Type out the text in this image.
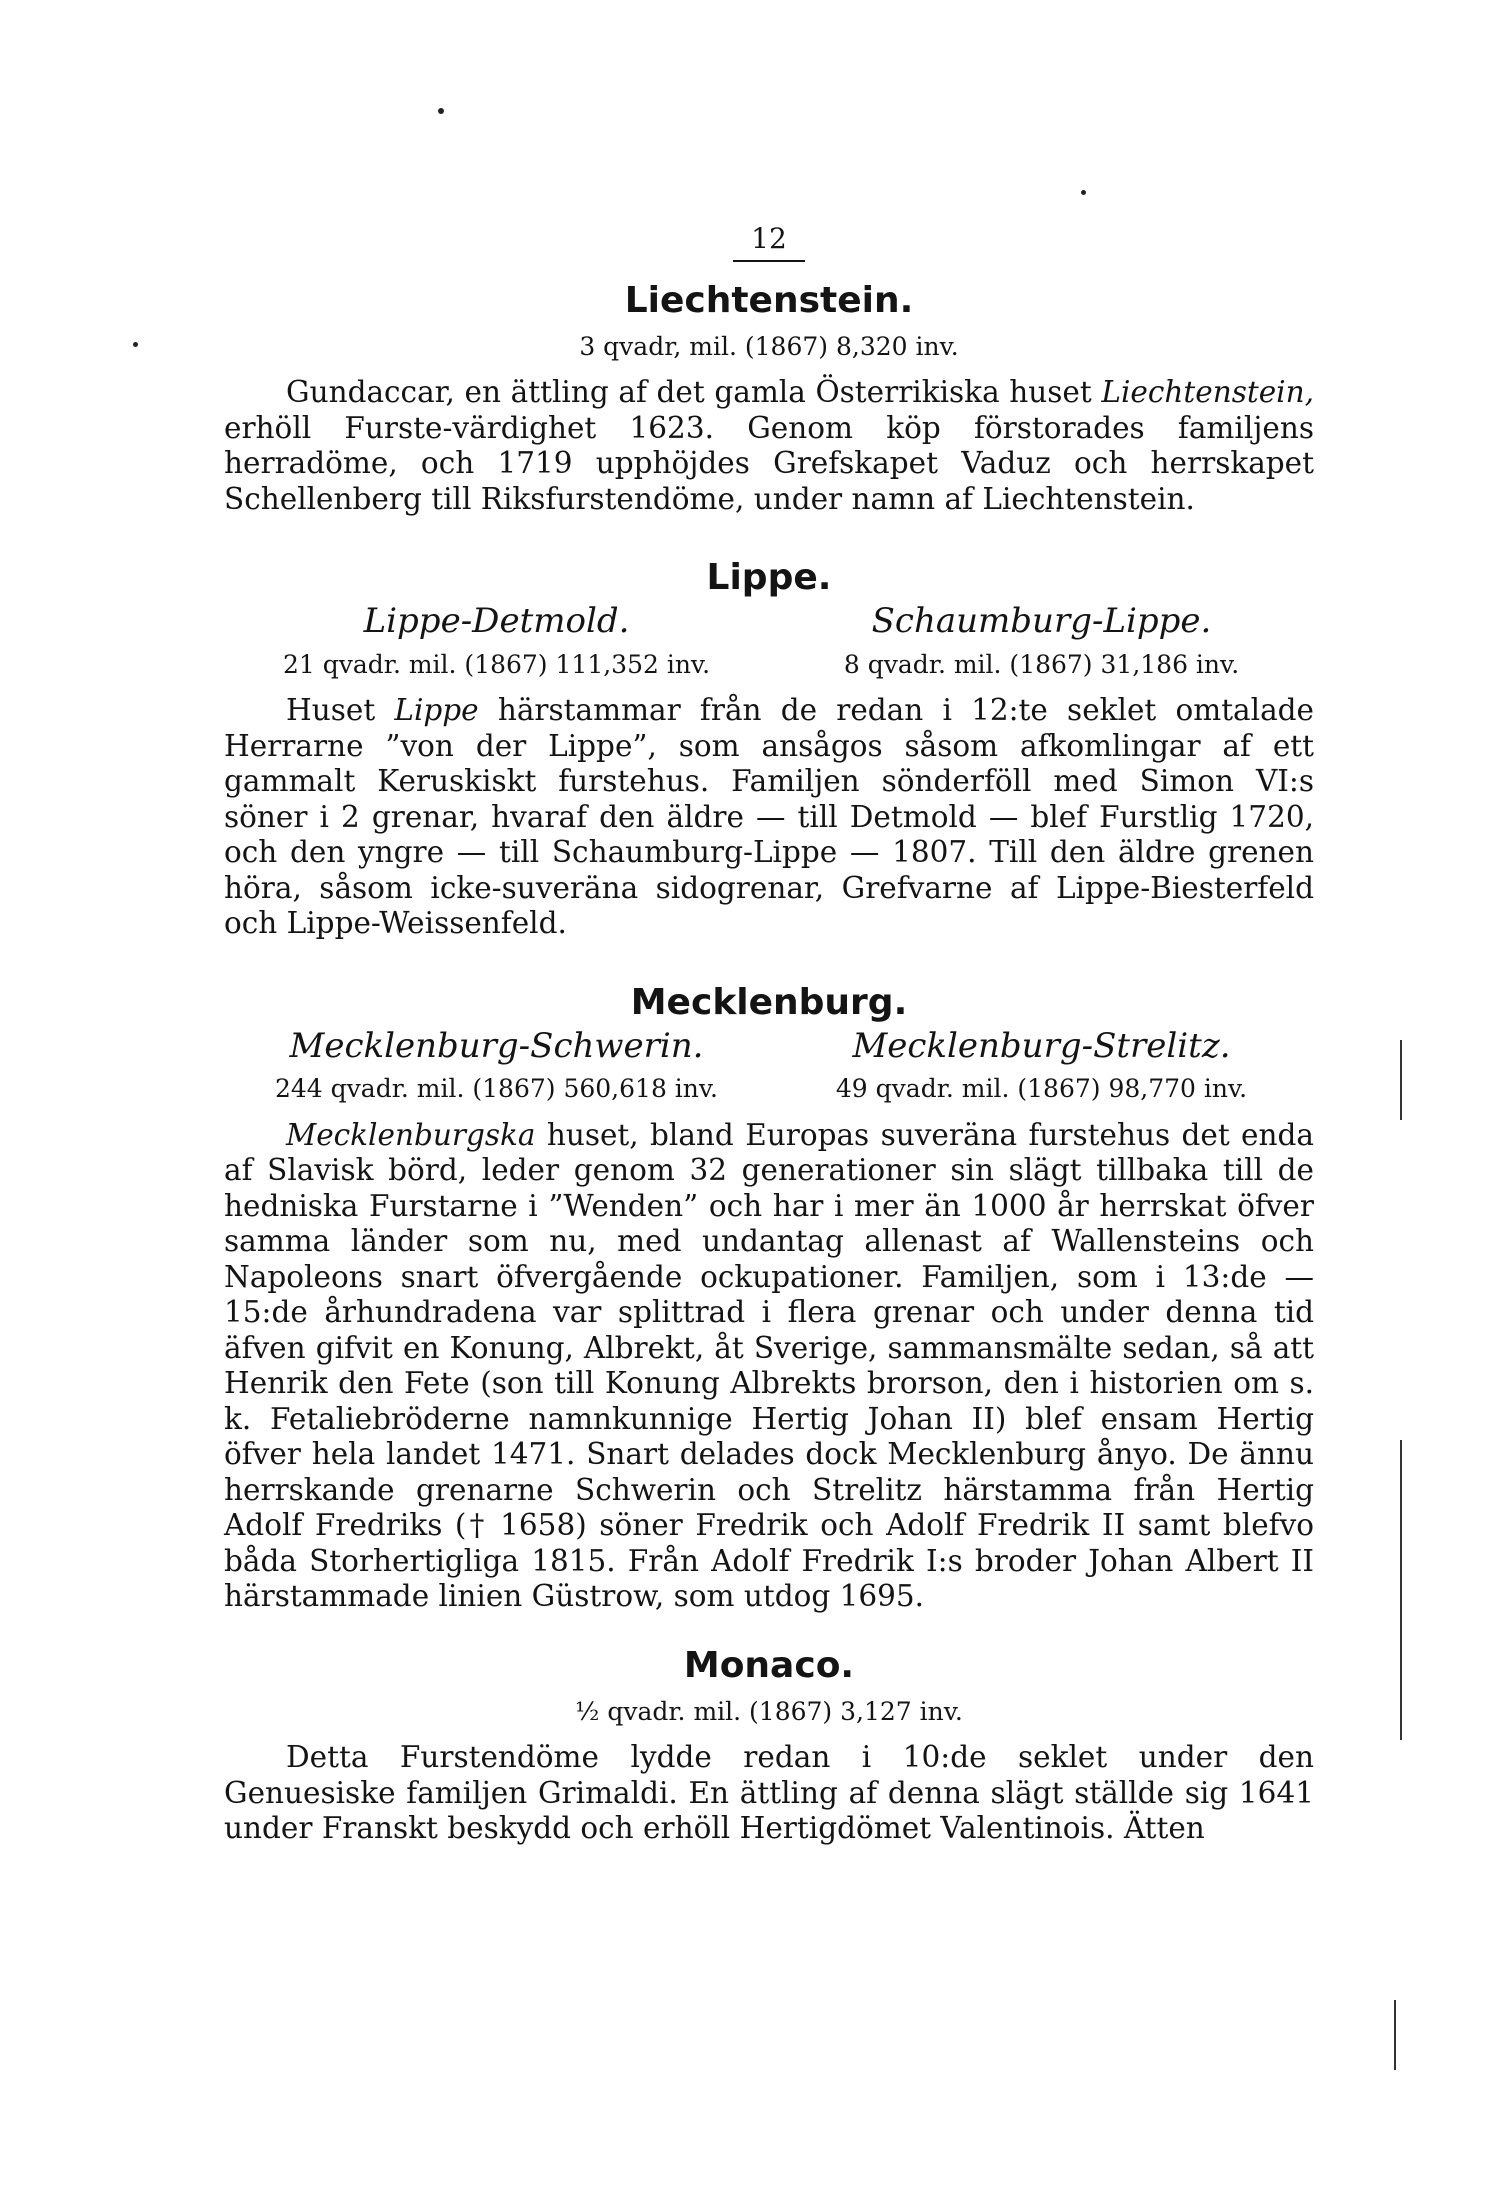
12
Liechtenstein.
3 qvadr, mil. (1867) 8,320 inv.

Gundaccar, en ättling af det gamla Österrikiska huset Liechtenstein, erhöll Furste-värdighet 1623. Genom köp förstorades familjens herradöme, och 1719 upphöjdes Grefskapet Vaduz och herrskapet Schellenberg till Riksfurstendöme, under namn af Liechtenstein.

Lippe.
Lippe-Detmold.
21 qvadr. mil. (1867) 111,352 inv.
Schaumburg-Lippe.
8 qvadr. mil. (1867) 31,186 inv.

Huset Lippe härstammar från de redan i 12:te seklet omtalade Herrarne ”von der Lippe”, som ansågos såsom afkomlingar af ett gammalt Keruskiskt furstehus. Familjen sönderföll med Simon VI:s söner i 2 grenar, hvaraf den äldre — till Detmold — blef Furstlig 1720, och den yngre — till Schaumburg-Lippe — 1807. Till den äldre grenen höra, såsom icke-suveräna sidogrenar, Grefvarne af Lippe-Biesterfeld och Lippe-Weissenfeld.

Mecklenburg.
Mecklenburg-Schwerin.
244 qvadr. mil. (1867) 560,618 inv.
Mecklenburg-Strelitz.
49 qvadr. mil. (1867) 98,770 inv.

Mecklenburgska huset, bland Europas suveräna furstehus det enda af Slavisk börd, leder genom 32 generationer sin slägt tillbaka till de hedniska Furstarne i ”Wenden” och har i mer än 1000 år herrskat öfver samma länder som nu, med undantag allenast af Wallensteins och Napoleons snart öfvergående ockupationer. Familjen, som i 13:de —15:de århundradena var splittrad i flera grenar och under denna tid äfven gifvit en Konung, Albrekt, åt Sverige, sammansmälte sedan, så att Henrik den Fete (son till Konung Albrekts brorson, den i historien om s. k. Fetaliebröderne namnkunnige Hertig Johan II) blef ensam Hertig öfver hela landet 1471. Snart delades dock Mecklenburg ånyo. De ännu herrskande grenarne Schwerin och Strelitz härstamma från Hertig Adolf Fredriks († 1658) söner Fredrik och Adolf Fredrik II samt blefvo båda Storhertigliga 1815. Från Adolf Fredrik I:s broder Johan Albert II härstammade linien Güstrow, som utdog 1695.

Monaco.
½ qvadr. mil. (1867) 3,127 inv.

Detta Furstendöme lydde redan i 10:de seklet under den Genuesiske familjen Grimaldi. En ättling af denna slägt ställde sig 1641 under Franskt beskydd och erhöll Hertigdömet Valentinois. Ätten
